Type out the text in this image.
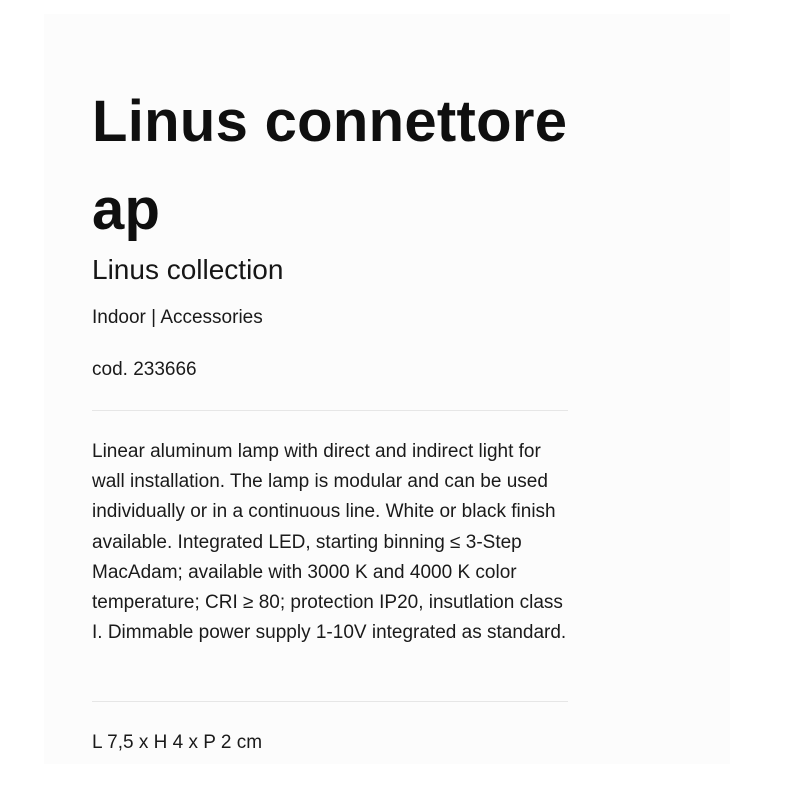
Linus connettore ap
Linus collection
Indoor | Accessories
cod. 233666
Linear aluminum lamp with direct and indirect light for wall installation. The lamp is modular and can be used individually or in a continuous line. White or black finish available. Integrated LED, starting binning ≤ 3-Step MacAdam; available with 3000 K and 4000 K color temperature; CRI ≥ 80; protection IP20, insutlation class I. Dimmable power supply 1-10V integrated as standard.
L 7,5 x H 4 x P 2 cm
